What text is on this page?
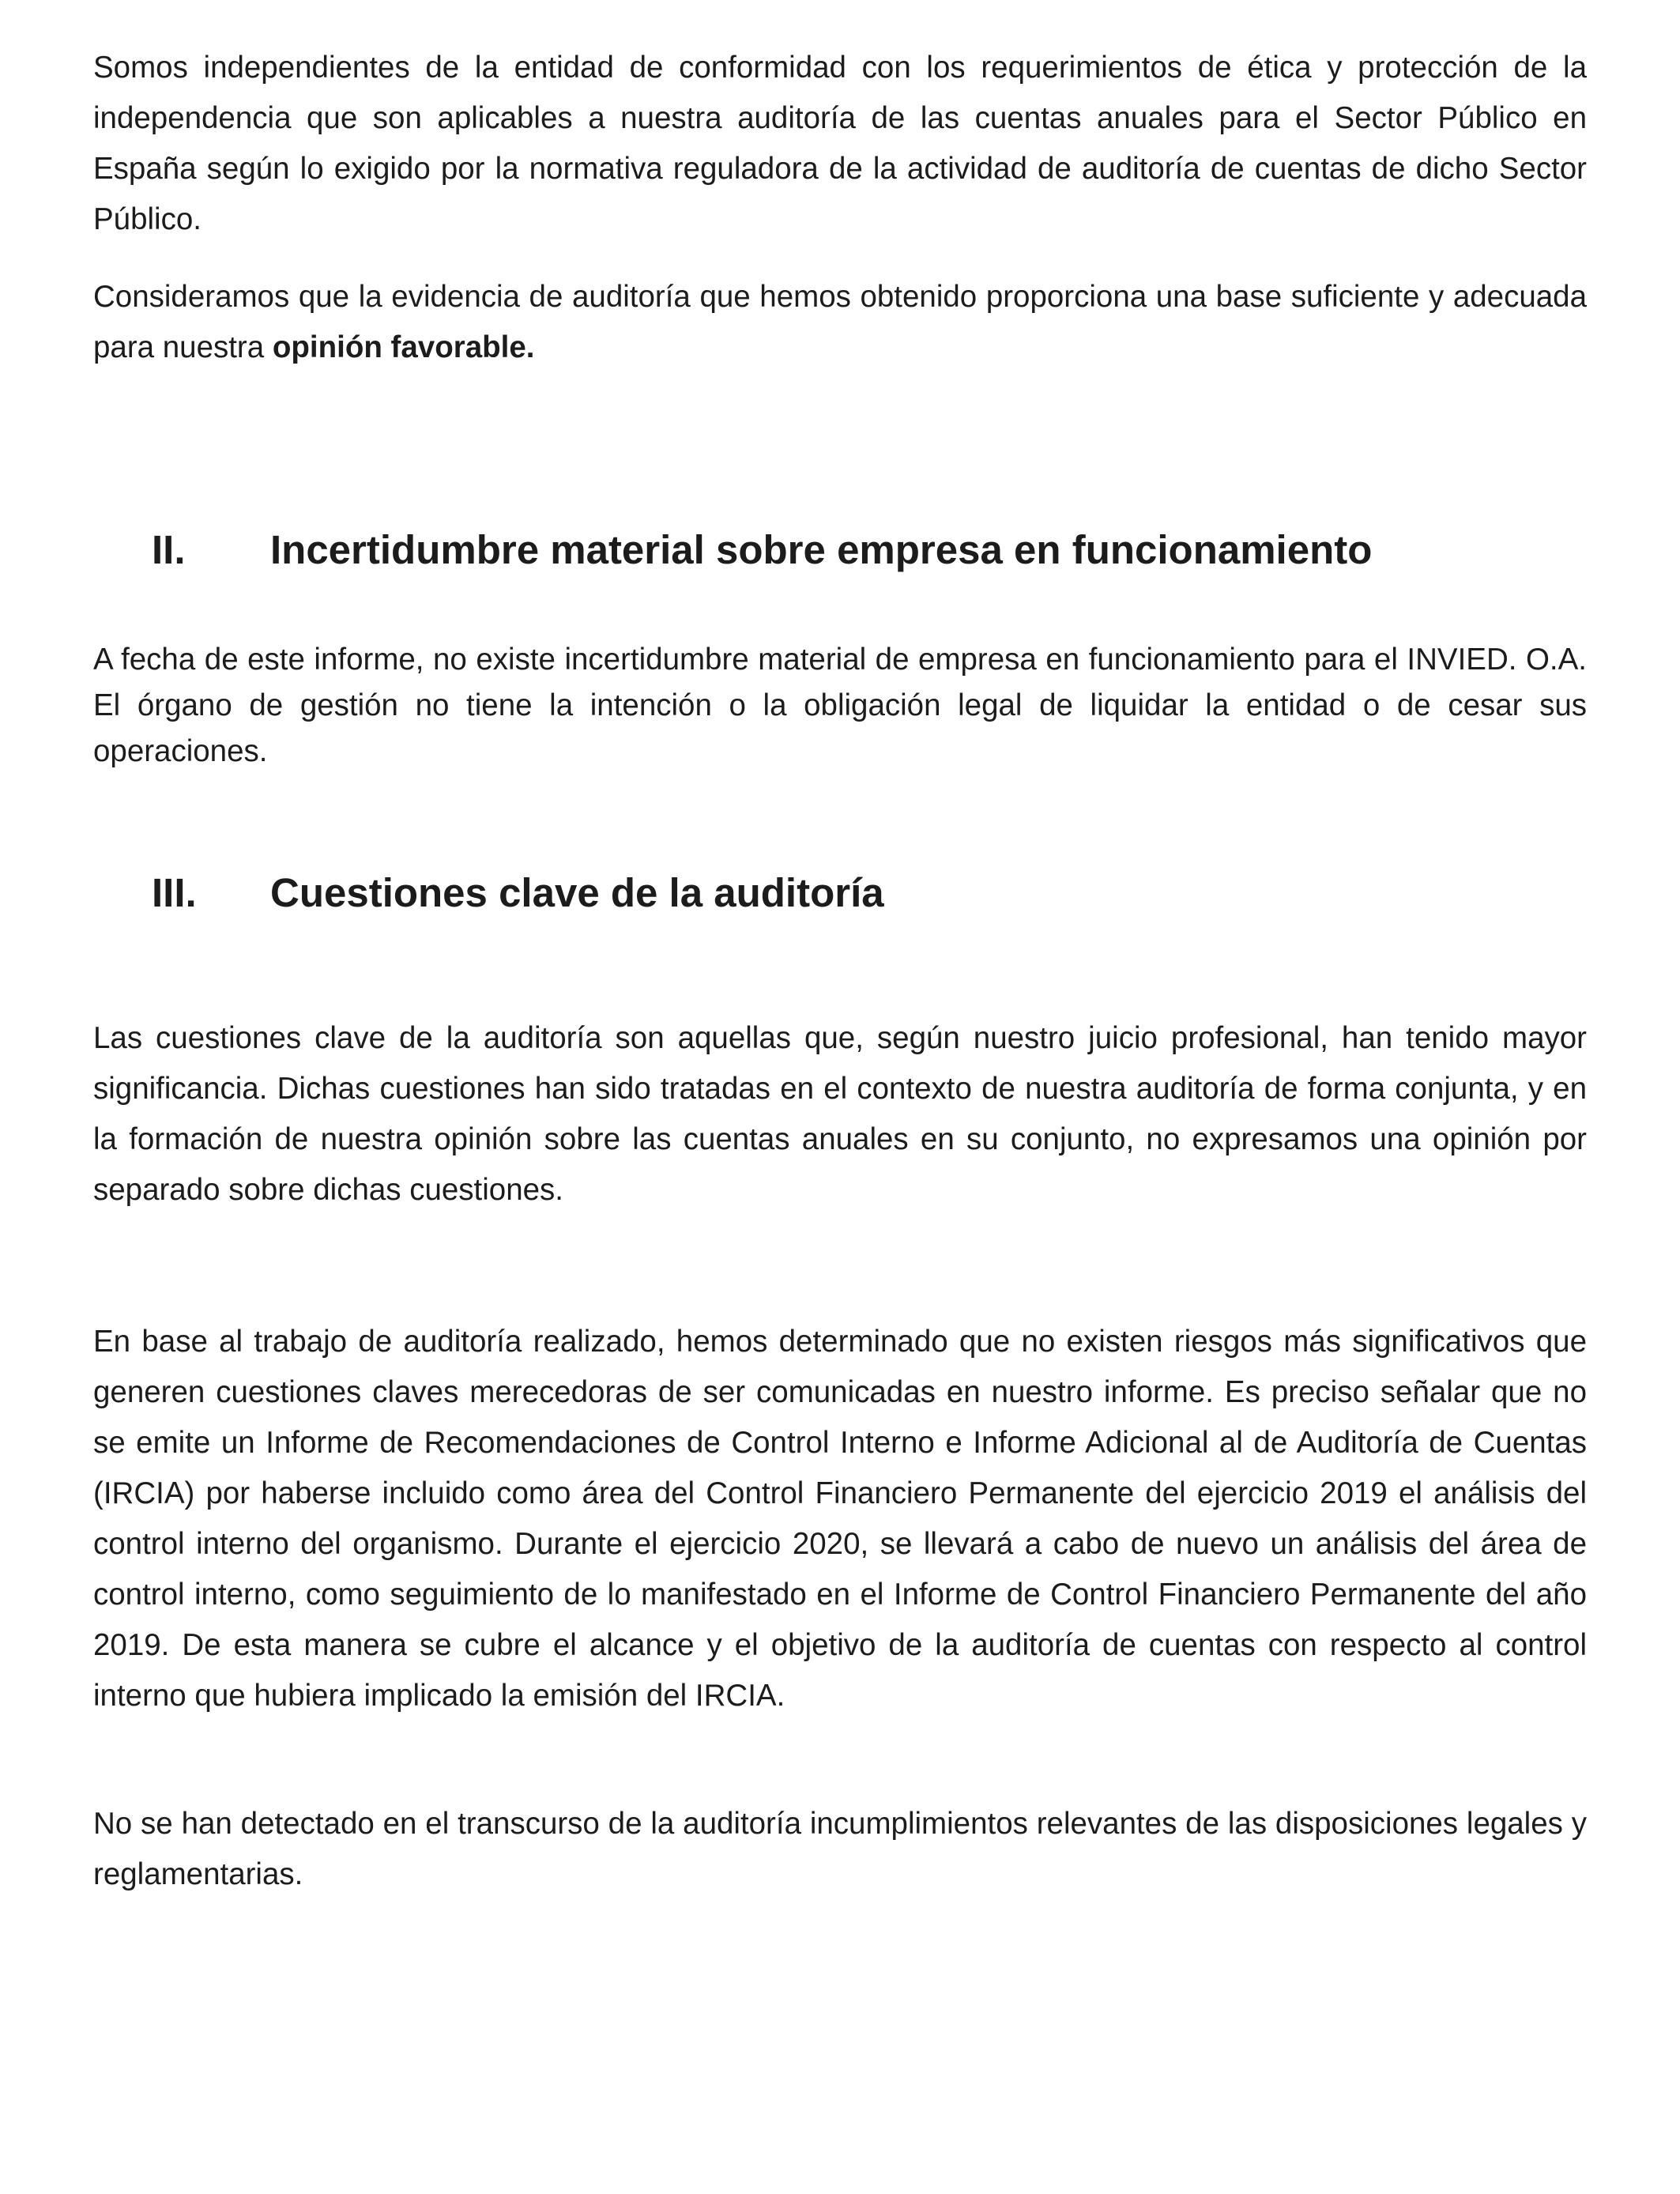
Somos independientes de la entidad de conformidad con los requerimientos de ética y protección de la independencia que son aplicables a nuestra auditoría de las cuentas anuales para el Sector Público en España según lo exigido por la normativa reguladora de la actividad de auditoría de cuentas de dicho Sector Público.

Consideramos que la evidencia de auditoría que hemos obtenido proporciona una base suficiente y adecuada para nuestra opinión favorable.

II. Incertidumbre material sobre empresa en funcionamiento

A fecha de este informe, no existe incertidumbre material de empresa en funcionamiento para el INVIED. O.A. El órgano de gestión no tiene la intención o la obligación legal de liquidar la entidad o de cesar sus operaciones.

III. Cuestiones clave de la auditoría

Las cuestiones clave de la auditoría son aquellas que, según nuestro juicio profesional, han tenido mayor significancia. Dichas cuestiones han sido tratadas en el contexto de nuestra auditoría de forma conjunta, y en la formación de nuestra opinión sobre las cuentas anuales en su conjunto, no expresamos una opinión por separado sobre dichas cuestiones.

En base al trabajo de auditoría realizado, hemos determinado que no existen riesgos más significativos que generen cuestiones claves merecedoras de ser comunicadas en nuestro informe. Es preciso señalar que no se emite un Informe de Recomendaciones de Control Interno e Informe Adicional al de Auditoría de Cuentas (IRCIA) por haberse incluido como área del Control Financiero Permanente del ejercicio 2019 el análisis del control interno del organismo. Durante el ejercicio 2020, se llevará a cabo de nuevo un análisis del área de control interno, como seguimiento de lo manifestado en el Informe de Control Financiero Permanente del año 2019. De esta manera se cubre el alcance y el objetivo de la auditoría de cuentas con respecto al control interno que hubiera implicado la emisión del IRCIA.

No se han detectado en el transcurso de la auditoría incumplimientos relevantes de las disposiciones legales y reglamentarias.
